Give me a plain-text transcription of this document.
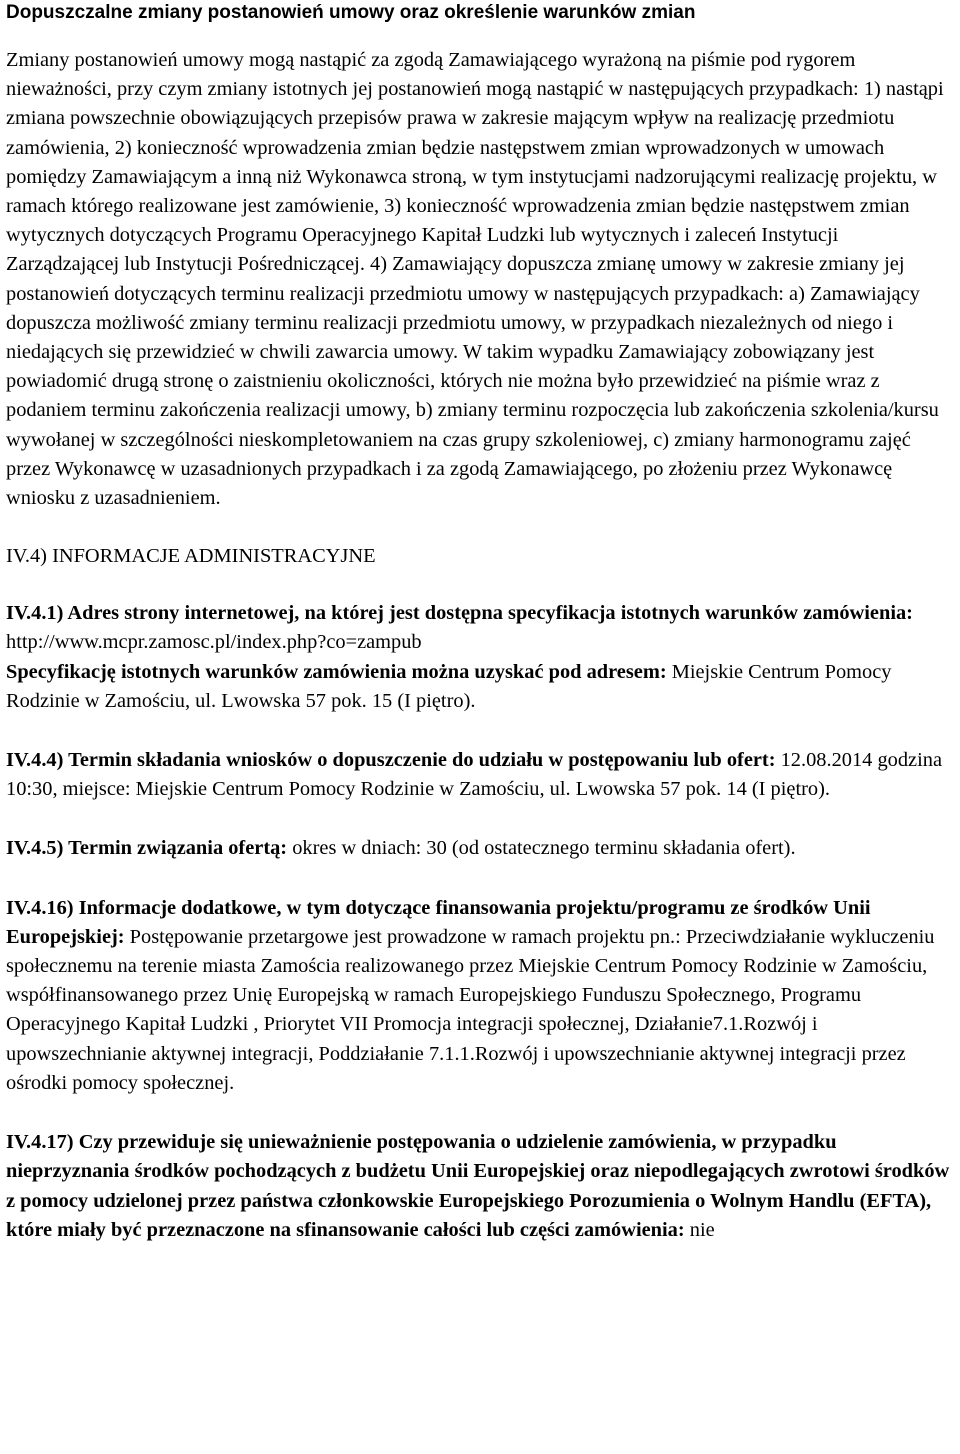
Dopuszczalne zmiany postanowień umowy oraz określenie warunków zmian

Zmiany postanowień umowy mogą nastąpić za zgodą Zamawiającego wyrażoną na piśmie pod rygorem nieważności, przy czym zmiany istotnych jej postanowień mogą nastąpić w następujących przypadkach: 1) nastąpi zmiana powszechnie obowiązujących przepisów prawa w zakresie mającym wpływ na realizację przedmiotu zamówienia, 2) konieczność wprowadzenia zmian będzie następstwem zmian wprowadzonych w umowach pomiędzy Zamawiającym a inną niż Wykonawca stroną, w tym instytucjami nadzorującymi realizację projektu, w ramach którego realizowane jest zamówienie, 3) konieczność wprowadzenia zmian będzie następstwem zmian wytycznych dotyczących Programu Operacyjnego Kapitał Ludzki lub wytycznych i zaleceń Instytucji Zarządzającej lub Instytucji Pośredniczącej. 4) Zamawiający dopuszcza zmianę umowy w zakresie zmiany jej postanowień dotyczących terminu realizacji przedmiotu umowy w następujących przypadkach: a) Zamawiający dopuszcza możliwość zmiany terminu realizacji przedmiotu umowy, w przypadkach niezależnych od niego i niedających się przewidzieć w chwili zawarcia umowy. W takim wypadku Zamawiający zobowiązany jest powiadomić drugą stronę o zaistnieniu okoliczności, których nie można było przewidzieć na piśmie wraz z podaniem terminu zakończenia realizacji umowy, b) zmiany terminu rozpoczęcia lub zakończenia szkolenia/kursu wywołanej w szczególności nieskompletowaniem na czas grupy szkoleniowej, c) zmiany harmonogramu zajęć przez Wykonawcę w uzasadnionych przypadkach i za zgodą Zamawiającego, po złożeniu przez Wykonawcę wniosku z uzasadnieniem.

IV.4) INFORMACJE ADMINISTRACYJNE

IV.4.1) Adres strony internetowej, na której jest dostępna specyfikacja istotnych warunków zamówienia: http://www.mcpr.zamosc.pl/index.php?co=zampub
Specyfikację istotnych warunków zamówienia można uzyskać pod adresem: Miejskie Centrum Pomocy Rodzinie w Zamościu, ul. Lwowska 57 pok. 15 (I piętro).

IV.4.4) Termin składania wniosków o dopuszczenie do udziału w postępowaniu lub ofert: 12.08.2014 godzina 10:30, miejsce: Miejskie Centrum Pomocy Rodzinie w Zamościu, ul. Lwowska 57 pok. 14 (I piętro).

IV.4.5) Termin związania ofertą: okres w dniach: 30 (od ostatecznego terminu składania ofert).

IV.4.16) Informacje dodatkowe, w tym dotyczące finansowania projektu/programu ze środków Unii Europejskiej: Postępowanie przetargowe jest prowadzone w ramach projektu pn.: Przeciwdziałanie wykluczeniu społecznemu na terenie miasta Zamościa realizowanego przez Miejskie Centrum Pomocy Rodzinie w Zamościu, współfinansowanego przez Unię Europejską w ramach Europejskiego Funduszu Społecznego, Programu Operacyjnego Kapitał Ludzki , Priorytet VII Promocja integracji społecznej, Działanie7.1.Rozwój i upowszechnianie aktywnej integracji, Poddziałanie 7.1.1.Rozwój i upowszechnianie aktywnej integracji przez ośrodki pomocy społecznej.

IV.4.17) Czy przewiduje się unieważnienie postępowania o udzielenie zamówienia, w przypadku nieprzyznania środków pochodzących z budżetu Unii Europejskiej oraz niepodlegających zwrotowi środków z pomocy udzielonej przez państwa członkowskie Europejskiego Porozumienia o Wolnym Handlu (EFTA), które miały być przeznaczone na sfinansowanie całości lub części zamówienia: nie
